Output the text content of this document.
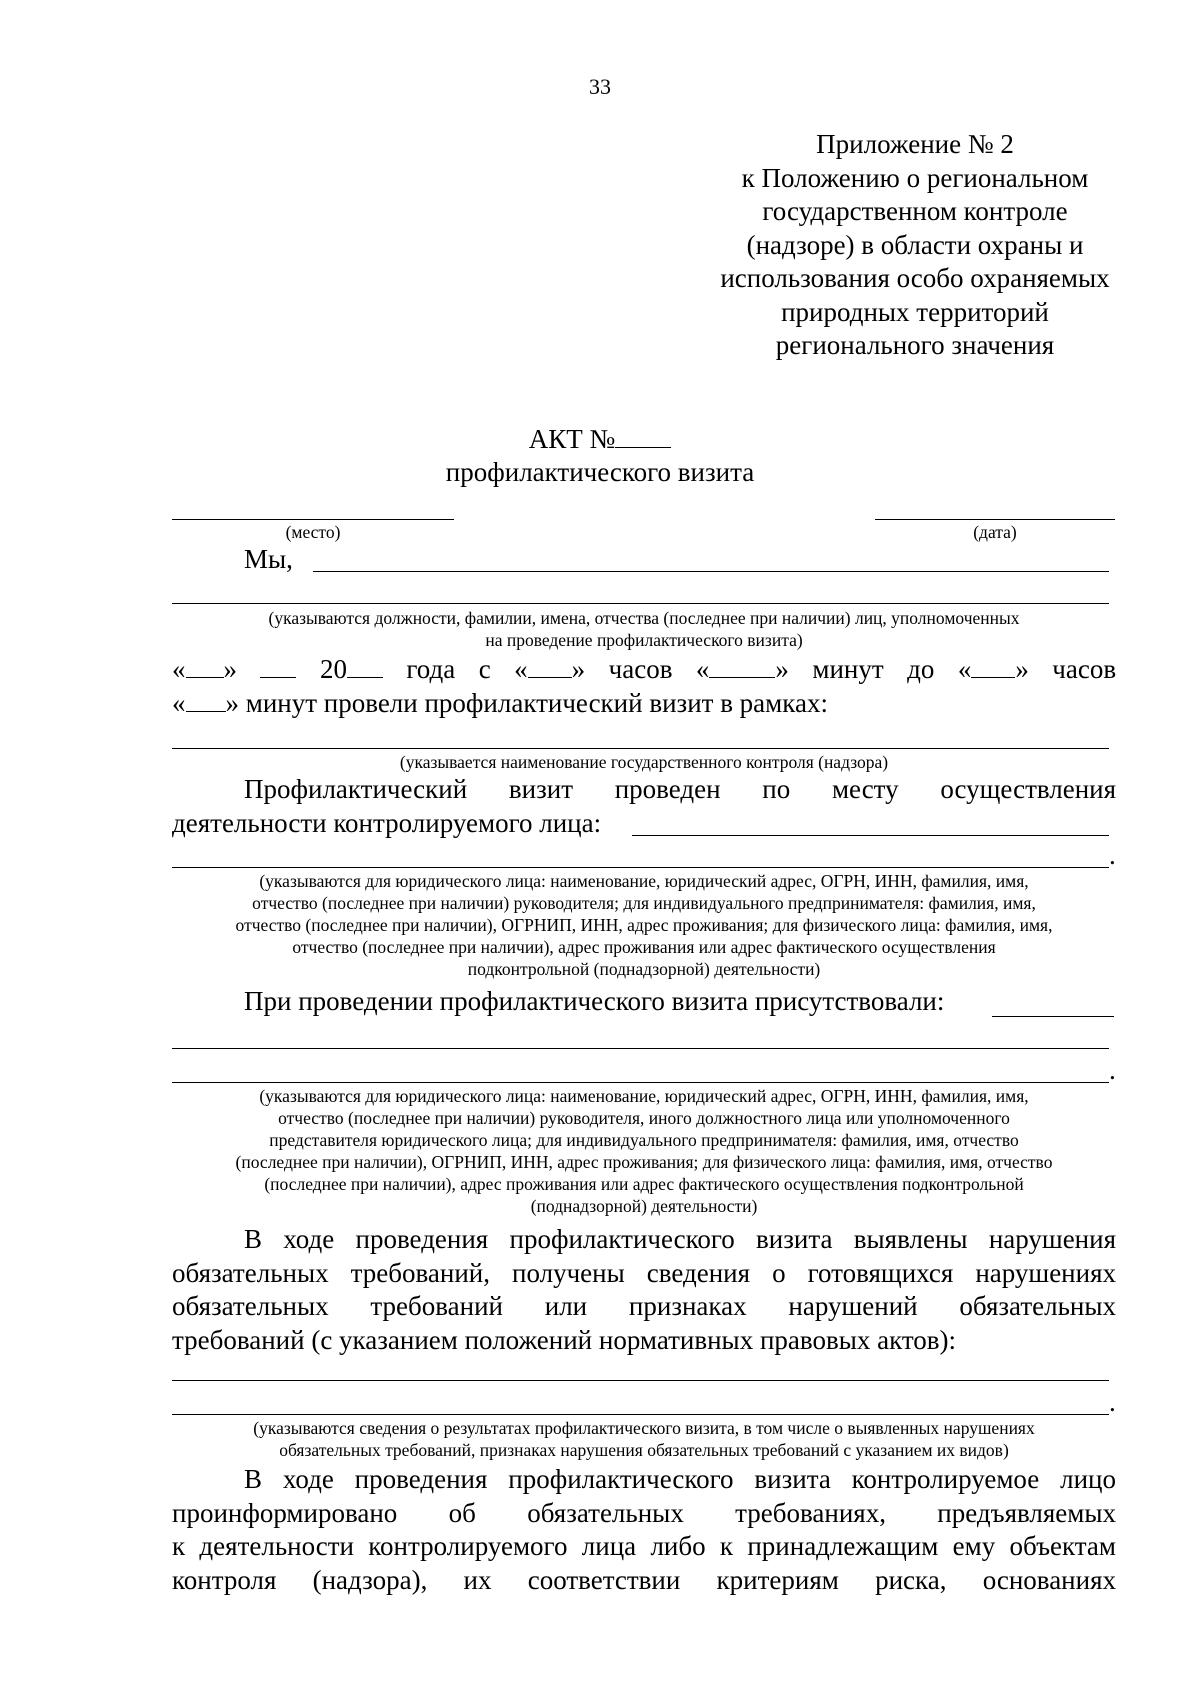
33
Приложение № 2
к Положению о региональном
государственном контроле
(надзоре) в области охраны и
использования особо охраняемых
природных территорий
регионального значения
АКТ №
профилактического визита
(место)	(дата)
Мы,
(указываются должности, фамилии, имена, отчества (последнее при наличии) лиц, уполномоченных
на проведение профилактического визита)
« »	20 года с « » часов « » минут до « » часов
« » минут провели профилактический визит в рамках:
(указывается наименование государственного контроля (надзора)
Профилактический визит проведен по месту осуществления
деятельности контролируемого лица:
.
(указываются для юридического лица: наименование, юридический адрес, ОГРН, ИНН, фамилия, имя,
отчество (последнее при наличии) руководителя; для индивидуального предпринимателя: фамилия, имя,
отчество (последнее при наличии), ОГРНИП, ИНН, адрес проживания; для физического лица: фамилия, имя,
отчество (последнее при наличии), адрес проживания или адрес фактического осуществления
подконтрольной (поднадзорной) деятельности)
При проведении профилактического визита присутствовали:
.
(указываются для юридического лица: наименование, юридический адрес, ОГРН, ИНН, фамилия, имя,
отчество (последнее при наличии) руководителя, иного должностного лица или уполномоченного
представителя юридического лица; для индивидуального предпринимателя: фамилия, имя, отчество
(последнее при наличии), ОГРНИП, ИНН, адрес проживания; для физического лица: фамилия, имя, отчество
(последнее при наличии), адрес проживания или адрес фактического осуществления подконтрольной
(поднадзорной) деятельности)
В ходе проведения профилактического визита выявлены нарушения
обязательных требований, получены сведения о готовящихся нарушениях
обязательных требований или признаках нарушений обязательных
требований (с указанием положений нормативных правовых актов):
.
(указываются сведения о результатах профилактического визита, в том числе о выявленных нарушениях
обязательных требований, признаках нарушения обязательных требований с указанием их видов)
В ходе проведения профилактического визита контролируемое лицо
проинформировано об обязательных требованиях, предъявляемых
к деятельности контролируемого лица либо к принадлежащим ему объектам
контроля (надзора), их соответствии критериям риска, основаниях
